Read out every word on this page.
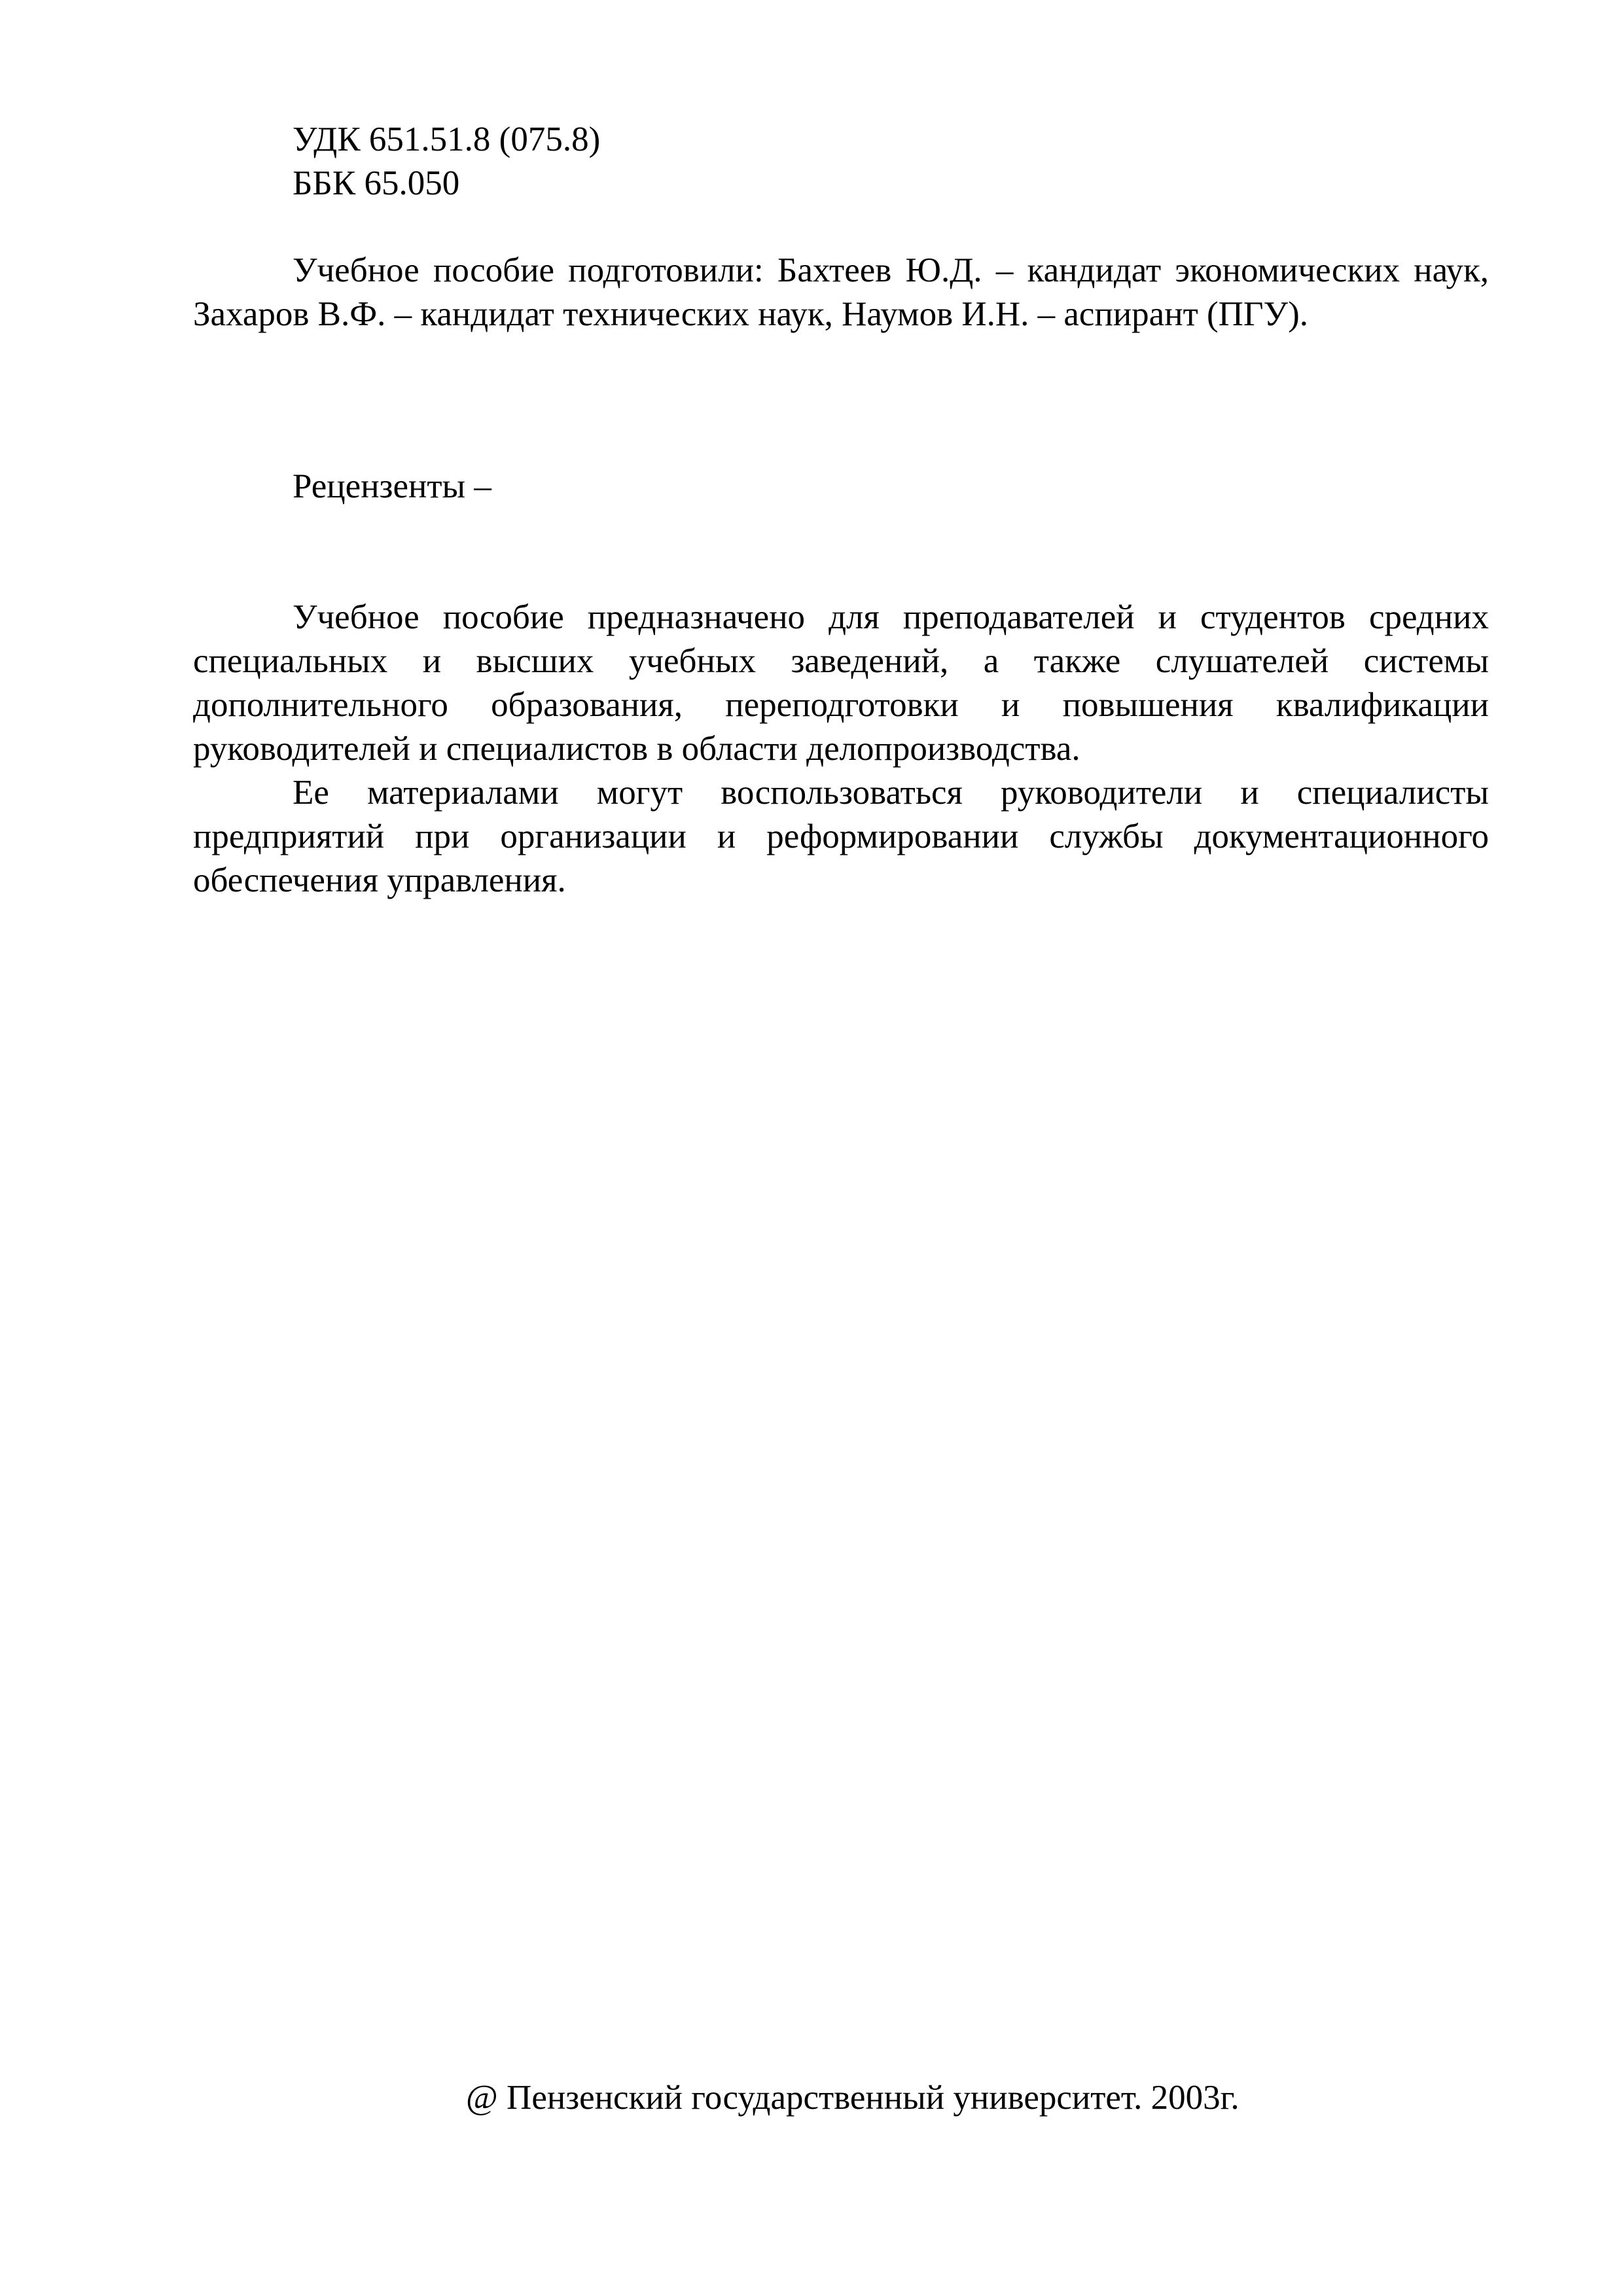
УДК 651.51.8 (075.8)
ББК 65.050

Учебное пособие подготовили: Бахтеев Ю.Д. – кандидат экономических наук, Захаров В.Ф. – кандидат технических наук, Наумов И.Н. – аспирант (ПГУ).

Рецензенты –

Учебное пособие предназначено для преподавателей и студентов средних специальных и высших учебных заведений, а также слушателей системы дополнительного образования, переподготовки и повышения квалификации руководителей и специалистов в области делопроизводства.

Ее материалами могут воспользоваться руководители и специалисты предприятий при организации и реформировании службы документационного обеспечения управления.

@ Пензенский государственный университет. 2003г.
